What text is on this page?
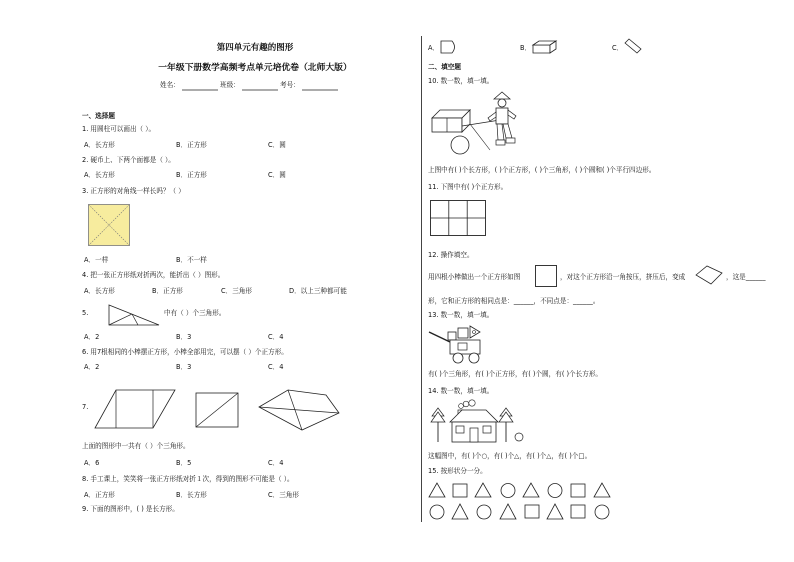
第四单元有趣的图形
一年级下册数学高频考点单元培优卷（北师大版）
姓名：	班级：	考号：
一、选择题
1. 用圆柱可以画出（ ）。
A．长方形	B．正方形	C．圆
2. 硬币上、下两个面都是（ ）。
A．长方形	B．正方形	C．圆
3. 正方形的对角线一样长吗？（ ）
A．一样	B．不一样
4. 把一张正方形纸对折两次，能折出（ ）图形。
A．长方形	B．正方形	C．三角形	D．以上三种都可能
5.	中有（ ）个三角形。
A．2	B．3	C．4
6. 用7根相同的小棒摆正方形，小棒全部用完，可以摆（ ）个正方形。
A．2	B．3	C．4
7.
上面的图形中一共有（ ）个三角形。
A．6	B．5	C．4
8. 手工课上，笑笑将一张正方形纸对折１次，得到的图形不可能是（ ）。
A．正方形	B．长方形	C．三角形
9. 下面的图形中，( ) 是长方形。
A．	B．	C．
二、填空题
10. 数一数，填一填。
上图中有( )个长方形，( )个正方形，( )个三角形，( )个圆和( )个平行四边形。
11. 下图中有( )个正方形。
12. 操作填空。
用四根小棒做出一个正方形如图	，对这个正方形沿一角按压，挤压后，变成	，这是______
形，它和正方形的相同点是：______，不同点是：______。
13. 数一数，填一填。
有( )个三角形，有( )个正方形，有( )个圆，有( )个长方形。
14. 数一数，填一填。
这幅图中，有( )个○，有( )个△，有( )个△，有( )个□。
15. 按形状分一分。
